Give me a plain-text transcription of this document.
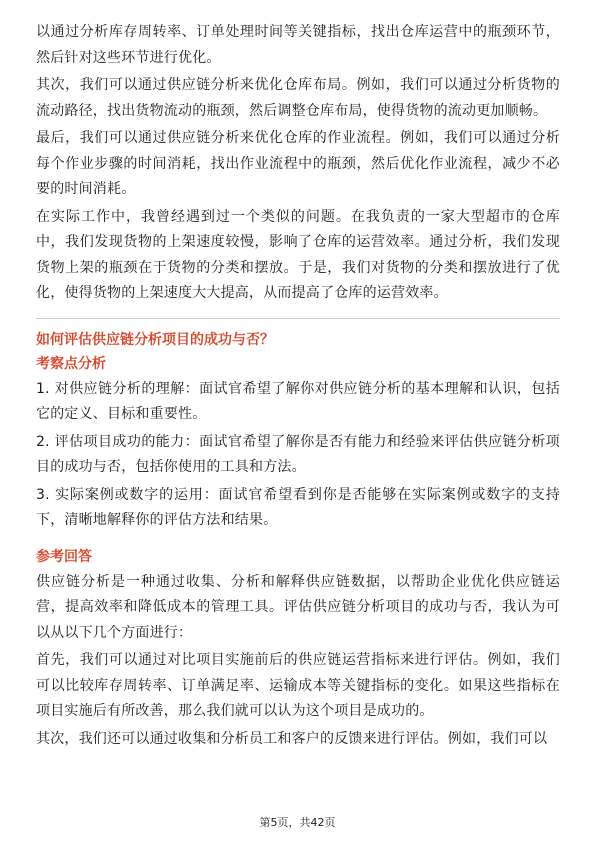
以通过分析库存周转率、订单处理时间等关键指标，找出仓库运营中的瓶颈环节，然后针对这些环节进行优化。

其次，我们可以通过供应链分析来优化仓库布局。例如，我们可以通过分析货物的流动路径，找出货物流动的瓶颈，然后调整仓库布局，使得货物的流动更加顺畅。

最后，我们可以通过供应链分析来优化仓库的作业流程。例如，我们可以通过分析每个作业步骤的时间消耗，找出作业流程中的瓶颈，然后优化作业流程，减少不必要的时间消耗。

在实际工作中，我曾经遇到过一个类似的问题。在我负责的一家大型超市的仓库中，我们发现货物的上架速度较慢，影响了仓库的运营效率。通过分析，我们发现货物上架的瓶颈在于货物的分类和摆放。于是，我们对货物的分类和摆放进行了优化，使得货物的上架速度大大提高，从而提高了仓库的运营效率。

如何评估供应链分析项目的成功与否？
考察点分析

1. 对供应链分析的理解：面试官希望了解你对供应链分析的基本理解和认识，包括它的定义、目标和重要性。

2. 评估项目成功的能力：面试官希望了解你是否有能力和经验来评估供应链分析项目的成功与否，包括你使用的工具和方法。

3. 实际案例或数字的运用：面试官希望看到你是否能够在实际案例或数字的支持下，清晰地解释你的评估方法和结果。

参考回答

供应链分析是一种通过收集、分析和解释供应链数据，以帮助企业优化供应链运营，提高效率和降低成本的管理工具。评估供应链分析项目的成功与否，我认为可以从以下几个方面进行：

首先，我们可以通过对比项目实施前后的供应链运营指标来进行评估。例如，我们可以比较库存周转率、订单满足率、运输成本等关键指标的变化。如果这些指标在项目实施后有所改善，那么我们就可以认为这个项目是成功的。

其次，我们还可以通过收集和分析员工和客户的反馈来进行评估。例如，我们可以

第5页，共42页
